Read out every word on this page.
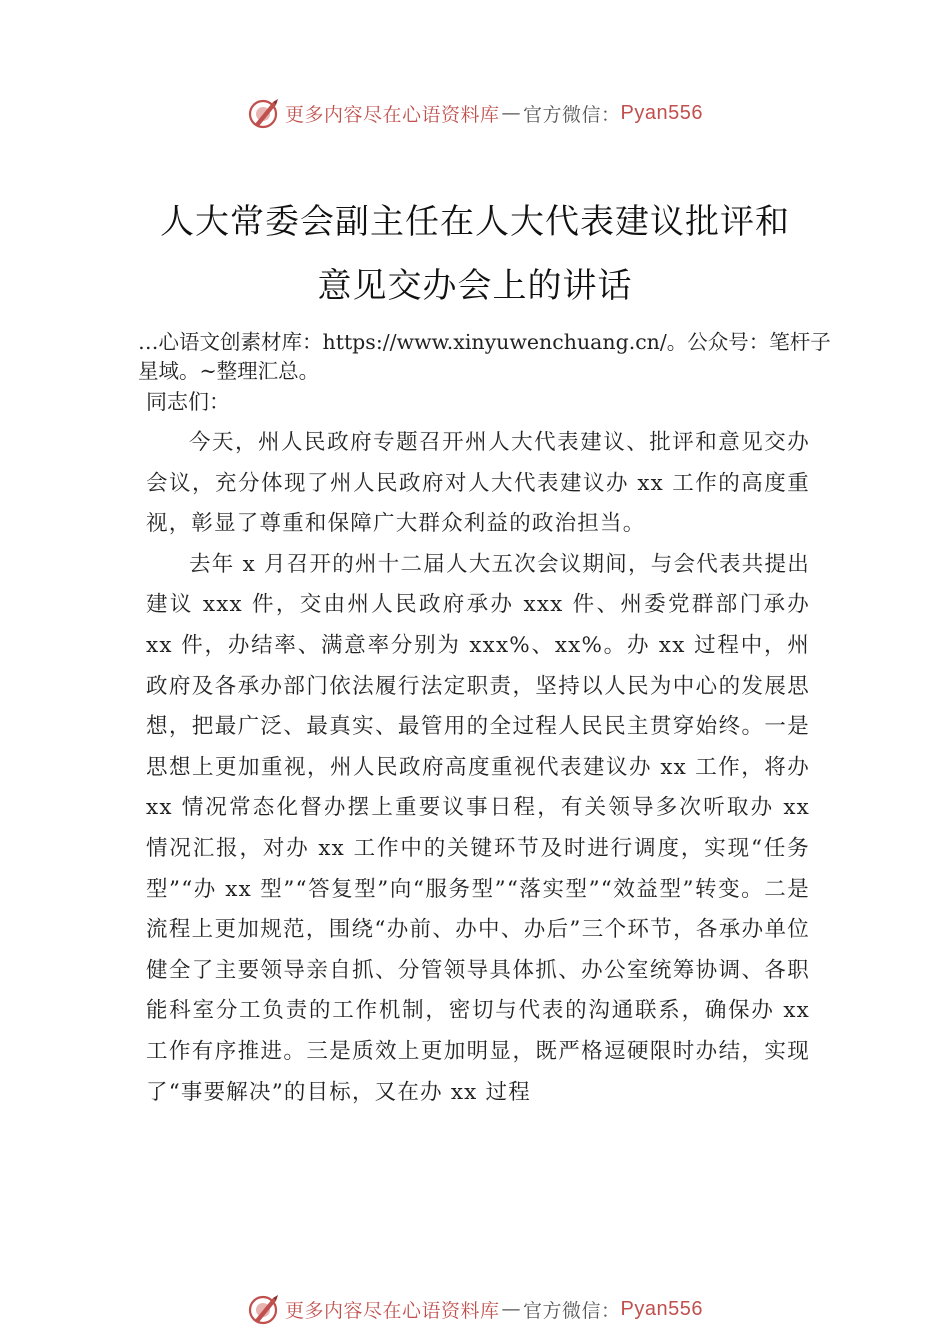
更多内容尽在心语资料库 — 官方微信： Pyan556
人大常委会副主任在人大代表建议批评和
意见交办会上的讲话
…心语文创素材库：https://www.xinyuwenchuang.cn/。公众号：笔杆子星域。~整理汇总。
同志们：

今天，州人民政府专题召开州人大代表建议、批评和意见交办会议，充分体现了州人民政府对人大代表建议办 xx 工作的高度重视，彰显了尊重和保障广大群众利益的政治担当。

去年 x 月召开的州十二届人大五次会议期间，与会代表共提出建议 xxx 件，交由州人民政府承办 xxx 件、州委党群部门承办 xx 件，办结率、满意率分别为 xxx%、xx%。办 xx 过程中，州政府及各承办部门依法履行法定职责，坚持以人民为中心的发展思想，把最广泛、最真实、最管用的全过程人民民主贯穿始终。一是思想上更加重视，州人民政府高度重视代表建议办 xx 工作，将办 xx 情况常态化督办摆上重要议事日程，有关领导多次听取办 xx 情况汇报，对办 xx 工作中的关键环节及时进行调度，实现“任务型”“办 xx 型”“答复型”向“服务型”“落实型”“效益型”转变。二是流程上更加规范，围绕“办前、办中、办后”三个环节，各承办单位健全了主要领导亲自抓、分管领导具体抓、办公室统筹协调、各职能科室分工负责的工作机制，密切与代表的沟通联系，确保办 xx 工作有序推进。三是质效上更加明显，既严格逗硬限时办结，实现了“事要解决”的目标，又在办 xx 过程

更多内容尽在心语资料库 — 官方微信： Pyan556
